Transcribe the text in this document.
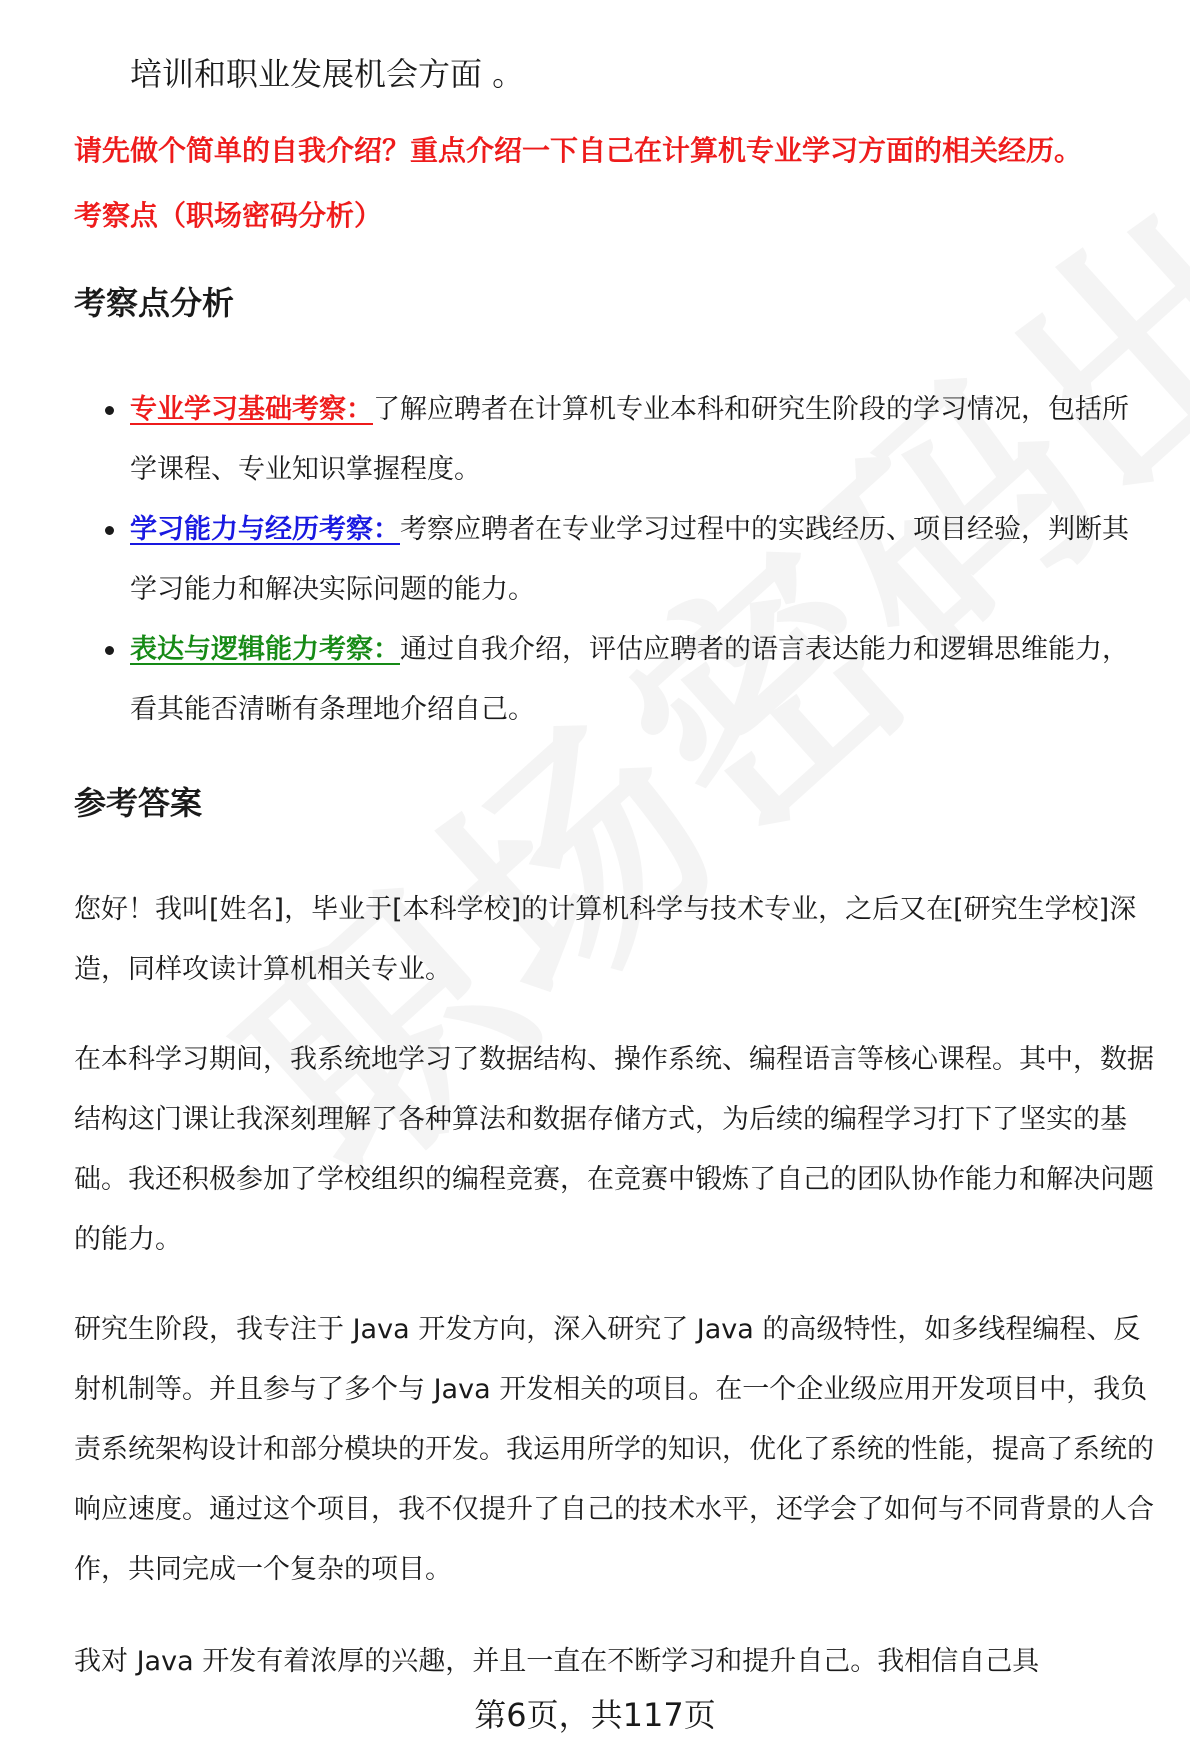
培训和职业发展机会方面 。
请先做个简单的自我介绍？重点介绍一下自己在计算机专业学习方面的相关经历。
考察点（职场密码分析）
考察点分析
专业学习基础考察：了解应聘者在计算机专业本科和研究生阶段的学习情况，包括所学课程、专业知识掌握程度。
学习能力与经历考察：考察应聘者在专业学习过程中的实践经历、项目经验，判断其学习能力和解决实际问题的能力。
表达与逻辑能力考察：通过自我介绍，评估应聘者的语言表达能力和逻辑思维能力，看其能否清晰有条理地介绍自己。
参考答案

您好！我叫[姓名]，毕业于[本科学校]的计算机科学与技术专业，之后又在[研究生学校]深造，同样攻读计算机相关专业。

在本科学习期间，我系统地学习了数据结构、操作系统、编程语言等核心课程。其中，数据结构这门课让我深刻理解了各种算法和数据存储方式，为后续的编程学习打下了坚实的基础。我还积极参加了学校组织的编程竞赛，在竞赛中锻炼了自己的团队协作能力和解决问题的能力。

研究生阶段，我专注于 Java 开发方向，深入研究了 Java 的高级特性，如多线程编程、反射机制等。并且参与了多个与 Java 开发相关的项目。在一个企业级应用开发项目中，我负责系统架构设计和部分模块的开发。我运用所学的知识，优化了系统的性能，提高了系统的响应速度。通过这个项目，我不仅提升了自己的技术水平，还学会了如何与不同背景的人合作，共同完成一个复杂的项目。

我对 Java 开发有着浓厚的兴趣，并且一直在不断学习和提升自己。我相信自己具

第6页，共117页
